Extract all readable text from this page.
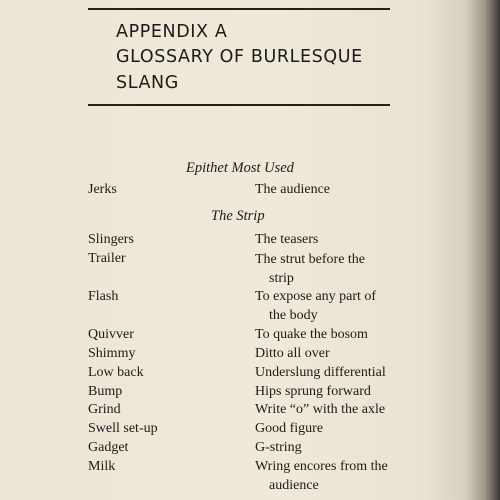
APPENDIX A
GLOSSARY OF BURLESQUE
SLANG
Epithet Most Used
Jerks	The audience
The Strip
Slingers	The teasers
Trailer	The strut before the
strip
Flash	To expose any part of
the body
Quivver	To quake the bosom
Shimmy	Ditto all over
Low back	Underslung differential
Bump	Hips sprung forward
Grind	Write “o” with the axle
Swell set-up	Good figure
Gadget	G-string
Milk	Wring encores from the
audience
